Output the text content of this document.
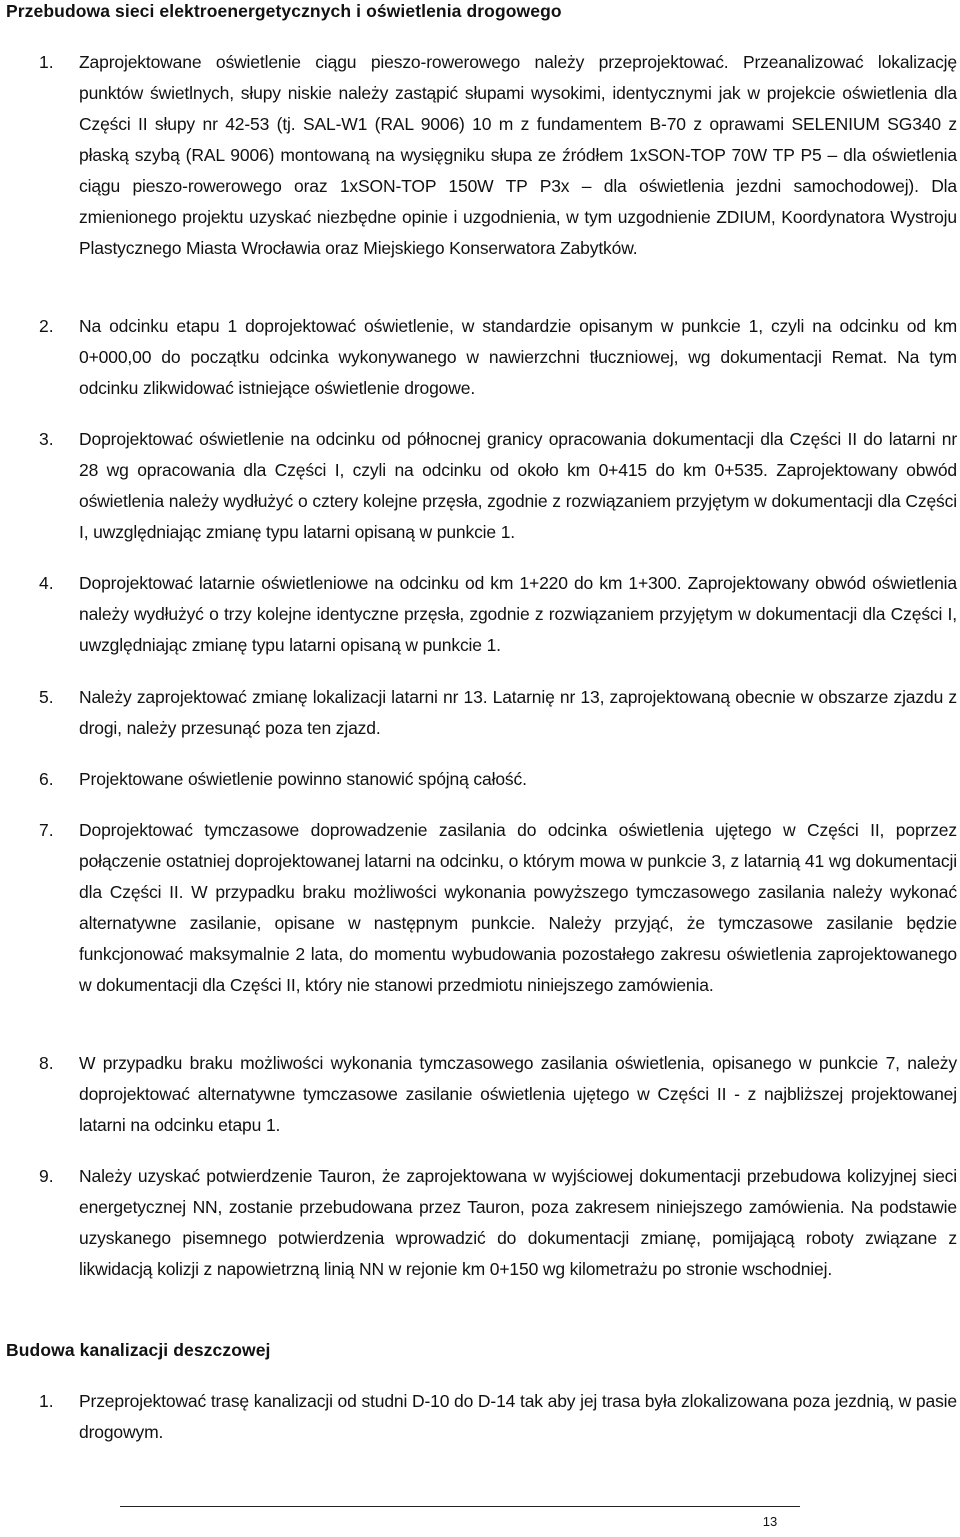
Przebudowa sieci elektroenergetycznych i oświetlenia drogowego
1. Zaprojektowane oświetlenie ciągu pieszo-rowerowego należy przeprojektować. Przeanalizować lokalizację punktów świetlnych, słupy niskie należy zastąpić słupami wysokimi, identycznymi jak w projekcie oświetlenia dla Części II słupy nr 42-53 (tj. SAL-W1 (RAL 9006) 10 m z fundamentem B-70 z oprawami SELENIUM SG340 z płaską szybą (RAL 9006) montowaną na wysięgniku słupa ze źródłem 1xSON-TOP 70W TP P5 – dla oświetlenia ciągu pieszo-rowerowego oraz 1xSON-TOP 150W TP P3x – dla oświetlenia jezdni samochodowej). Dla zmienionego projektu uzyskać niezbędne opinie i uzgodnienia, w tym uzgodnienie ZDIUM, Koordynatora Wystroju Plastycznego Miasta Wrocławia oraz Miejskiego Konserwatora Zabytków.

2. Na odcinku etapu 1 doprojektować oświetlenie, w standardzie opisanym w punkcie 1, czyli na odcinku od km 0+000,00 do początku odcinka wykonywanego w nawierzchni tłuczniowej, wg dokumentacji Remat. Na tym odcinku zlikwidować istniejące oświetlenie drogowe.

3. Doprojektować oświetlenie na odcinku od północnej granicy opracowania dokumentacji dla Części II do latarni nr 28 wg opracowania dla Części I, czyli na odcinku od około km 0+415 do km 0+535. Zaprojektowany obwód oświetlenia należy wydłużyć o cztery kolejne przęsła, zgodnie z rozwiązaniem przyjętym w dokumentacji dla Części I, uwzględniając zmianę typu latarni opisaną w punkcie 1.

4. Doprojektować latarnie oświetleniowe na odcinku od km 1+220 do km 1+300. Zaprojektowany obwód oświetlenia należy wydłużyć o trzy kolejne identyczne przęsła, zgodnie z rozwiązaniem przyjętym w dokumentacji dla Części I, uwzględniając zmianę typu latarni opisaną w punkcie 1.

5. Należy zaprojektować zmianę lokalizacji latarni nr 13. Latarnię nr 13, zaprojektowaną obecnie w obszarze zjazdu z drogi, należy przesunąć poza ten zjazd.

6. Projektowane oświetlenie powinno stanowić spójną całość.

7. Doprojektować tymczasowe doprowadzenie zasilania do odcinka oświetlenia ujętego w Części II, poprzez połączenie ostatniej doprojektowanej latarni na odcinku, o którym mowa w punkcie 3, z latarnią 41 wg dokumentacji dla Części II. W przypadku braku możliwości wykonania powyższego tymczasowego zasilania należy wykonać alternatywne zasilanie, opisane w następnym punkcie. Należy przyjąć, że tymczasowe zasilanie będzie funkcjonować maksymalnie 2 lata, do momentu wybudowania pozostałego zakresu oświetlenia zaprojektowanego w dokumentacji dla Części II, który nie stanowi przedmiotu niniejszego zamówienia.

8. W przypadku braku możliwości wykonania tymczasowego zasilania oświetlenia, opisanego w punkcie 7, należy doprojektować alternatywne tymczasowe zasilanie oświetlenia ujętego w Części II - z najbliższej projektowanej latarni na odcinku etapu 1.

9. Należy uzyskać potwierdzenie Tauron, że zaprojektowana w wyjściowej dokumentacji przebudowa kolizyjnej sieci energetycznej NN, zostanie przebudowana przez Tauron, poza zakresem niniejszego zamówienia. Na podstawie uzyskanego pisemnego potwierdzenia wprowadzić do dokumentacji zmianę, pomijającą roboty związane z likwidacją kolizji z napowietrzną linią NN w rejonie km 0+150 wg kilometrażu po stronie wschodniej.

Budowa kanalizacji deszczowej
1. Przeprojektować trasę kanalizacji od studni D-10 do D-14 tak aby jej trasa była zlokalizowana poza jezdnią, w pasie drogowym.

13
